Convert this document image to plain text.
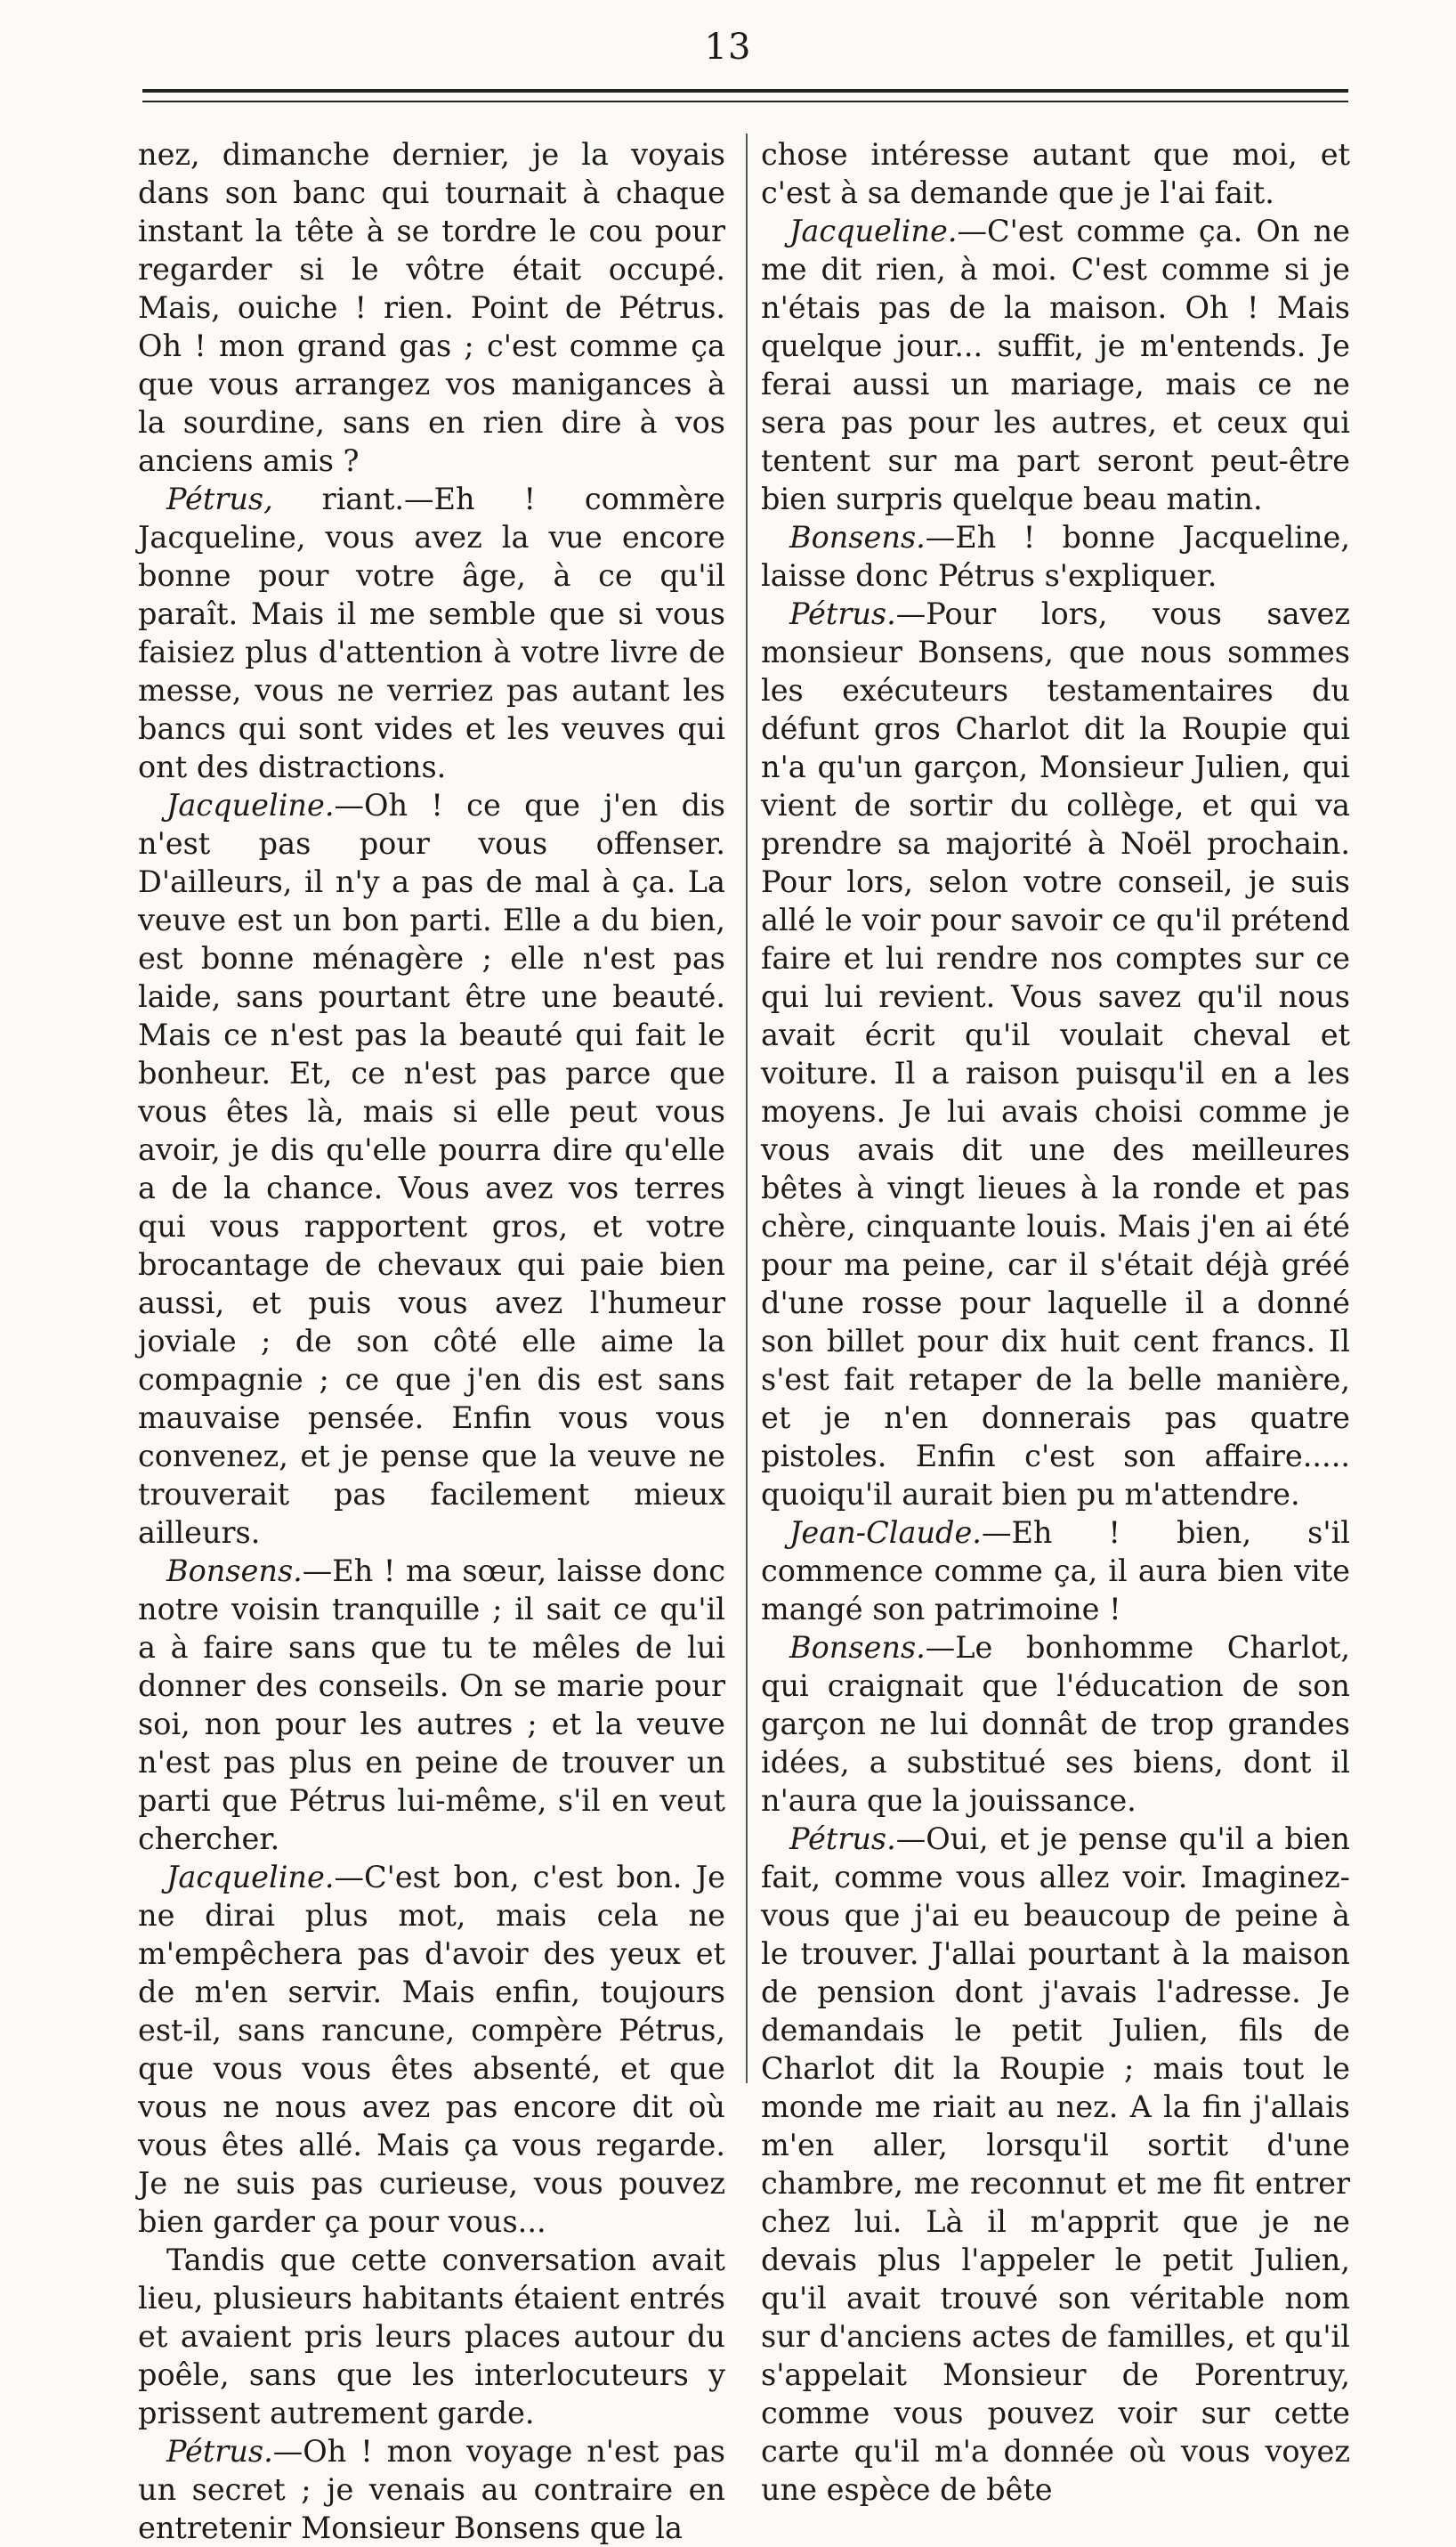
13

nez, dimanche dernier, je la voyais dans son banc qui tournait à chaque instant la tête à se tordre le cou pour regarder si le vôtre était occupé. Mais, ouiche ! rien. Point de Pétrus. Oh ! mon grand gas ; c'est comme ça que vous arrangez vos manigances à la sourdine, sans en rien dire à vos anciens amis ?

Pétrus, riant.—Eh ! commère Jacqueline, vous avez la vue encore bonne pour votre âge, à ce qu'il paraît. Mais il me semble que si vous faisiez plus d'attention à votre livre de messe, vous ne verriez pas autant les bancs qui sont vides et les veuves qui ont des distractions.

Jacqueline.—Oh ! ce que j'en dis n'est pas pour vous offenser. D'ailleurs, il n'y a pas de mal à ça. La veuve est un bon parti. Elle a du bien, est bonne ménagère ; elle n'est pas laide, sans pourtant être une beauté. Mais ce n'est pas la beauté qui fait le bonheur. Et, ce n'est pas parce que vous êtes là, mais si elle peut vous avoir, je dis qu'elle pourra dire qu'elle a de la chance. Vous avez vos terres qui vous rapportent gros, et votre brocantage de chevaux qui paie bien aussi, et puis vous avez l'humeur joviale ; de son côté elle aime la compagnie ; ce que j'en dis est sans mauvaise pensée. Enfin vous vous convenez, et je pense que la veuve ne trouverait pas facilement mieux ailleurs.

Bonsens.—Eh ! ma sœur, laisse donc notre voisin tranquille ; il sait ce qu'il a à faire sans que tu te mêles de lui donner des conseils. On se marie pour soi, non pour les autres ; et la veuve n'est pas plus en peine de trouver un parti que Pétrus lui-même, s'il en veut chercher.

Jacqueline.—C'est bon, c'est bon. Je ne dirai plus mot, mais cela ne m'empêchera pas d'avoir des yeux et de m'en servir. Mais enfin, toujours est-il, sans rancune, compère Pétrus, que vous vous êtes absenté, et que vous ne nous avez pas encore dit où vous êtes allé. Mais ça vous regarde. Je ne suis pas curieuse, vous pouvez bien garder ça pour vous...

Tandis que cette conversation avait lieu, plusieurs habitants étaient entrés et avaient pris leurs places autour du poêle, sans que les interlocuteurs y prissent autrement garde.

Pétrus.—Oh ! mon voyage n'est pas un secret ; je venais au contraire en entretenir Monsieur Bonsens que la

chose intéresse autant que moi, et c'est à sa demande que je l'ai fait.

Jacqueline.—C'est comme ça. On ne me dit rien, à moi. C'est comme si je n'étais pas de la maison. Oh ! Mais quelque jour... suffit, je m'entends. Je ferai aussi un mariage, mais ce ne sera pas pour les autres, et ceux qui tentent sur ma part seront peut-être bien surpris quelque beau matin.

Bonsens.—Eh ! bonne Jacqueline, laisse donc Pétrus s'expliquer.

Pétrus.—Pour lors, vous savez monsieur Bonsens, que nous sommes les exécuteurs testamentaires du défunt gros Charlot dit la Roupie qui n'a qu'un garçon, Monsieur Julien, qui vient de sortir du collège, et qui va prendre sa majorité à Noël prochain. Pour lors, selon votre conseil, je suis allé le voir pour savoir ce qu'il prétend faire et lui rendre nos comptes sur ce qui lui revient. Vous savez qu'il nous avait écrit qu'il voulait cheval et voiture. Il a raison puisqu'il en a les moyens. Je lui avais choisi comme je vous avais dit une des meilleures bêtes à vingt lieues à la ronde et pas chère, cinquante louis. Mais j'en ai été pour ma peine, car il s'était déjà gréé d'une rosse pour laquelle il a donné son billet pour dix huit cent francs. Il s'est fait retaper de la belle manière, et je n'en donnerais pas quatre pistoles. Enfin c'est son affaire..... quoiqu'il aurait bien pu m'attendre.

Jean-Claude.—Eh ! bien, s'il commence comme ça, il aura bien vite mangé son patrimoine !

Bonsens.—Le bonhomme Charlot, qui craignait que l'éducation de son garçon ne lui donnât de trop grandes idées, a substitué ses biens, dont il n'aura que la jouissance.

Pétrus.—Oui, et je pense qu'il a bien fait, comme vous allez voir. Imaginez-vous que j'ai eu beaucoup de peine à le trouver. J'allai pourtant à la maison de pension dont j'avais l'adresse. Je demandais le petit Julien, fils de Charlot dit la Roupie ; mais tout le monde me riait au nez. A la fin j'allais m'en aller, lorsqu'il sortit d'une chambre, me reconnut et me fit entrer chez lui. Là il m'apprit que je ne devais plus l'appeler le petit Julien, qu'il avait trouvé son véritable nom sur d'anciens actes de familles, et qu'il s'appelait Monsieur de Porentruy, comme vous pouvez voir sur cette carte qu'il m'a donnée où vous voyez une espèce de bête
